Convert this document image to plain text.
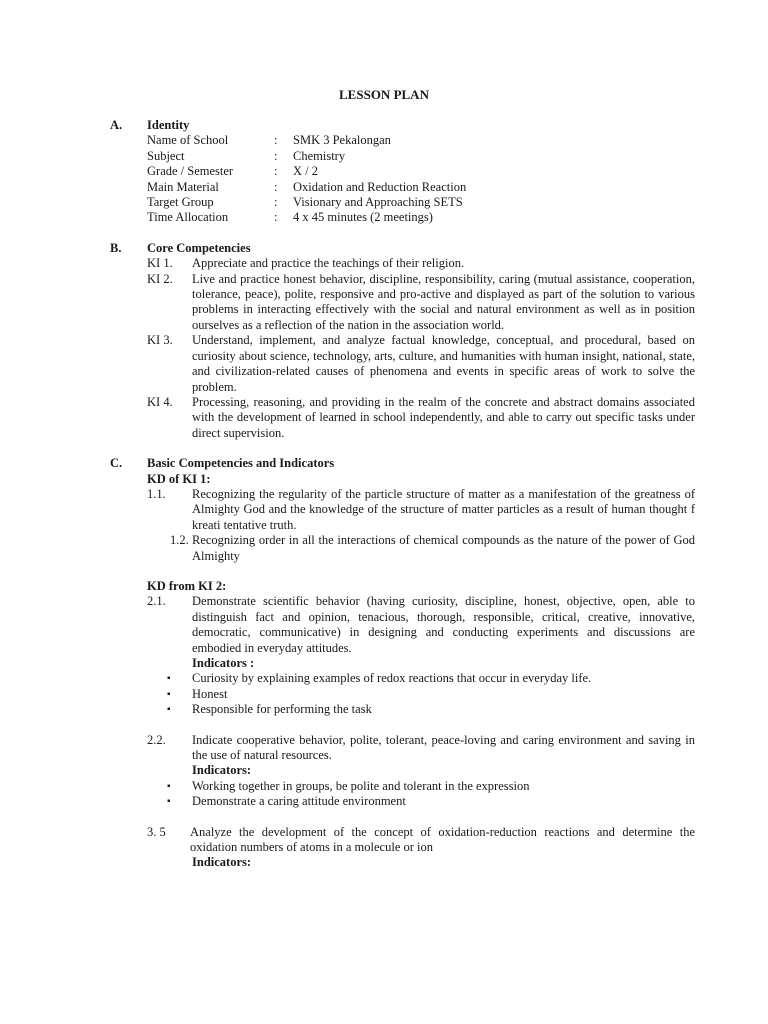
LESSON PLAN
A.	Identity
Name of School	:	SMK 3 Pekalongan
Subject	:	Chemistry
Grade / Semester	:	X / 2
Main Material	:	Oxidation and Reduction Reaction
Target Group	:	Visionary and Approaching SETS
Time Allocation	:	4 x 45 minutes (2 meetings)
B.	Core Competencies
KI 1. Appreciate and practice the teachings of their religion.
KI 2. Live and practice honest behavior, discipline, responsibility, caring (mutual assistance, cooperation, tolerance, peace), polite, responsive and pro-active and displayed as part of the solution to various problems in interacting effectively with the social and natural environment as well as in position ourselves as a reflection of the nation in the association world.
KI 3. Understand, implement, and analyze factual knowledge, conceptual, and procedural, based on curiosity about science, technology, arts, culture, and humanities with human insight, national, state, and civilization-related causes of phenomena and events in specific areas of work to solve the problem.
KI 4. Processing, reasoning, and providing in the realm of the concrete and abstract domains associated with the development of learned in school independently, and able to carry out specific tasks under direct supervision.
C.	Basic Competencies and Indicators
KD of KI 1:
1.1. Recognizing the regularity of the particle structure of matter as a manifestation of the greatness of Almighty God and the knowledge of the structure of matter particles as a result of human thought f kreati tentative truth.
1.2. Recognizing order in all the interactions of chemical compounds as the nature of the power of God Almighty
KD from KI 2:
2.1. Demonstrate scientific behavior (having curiosity, discipline, honest, objective, open, able to distinguish fact and opinion, tenacious, thorough, responsible, critical, creative, innovative, democratic, communicative) in designing and conducting experiments and discussions are embodied in everyday attitudes.
Indicators :
▪ Curiosity by explaining examples of redox reactions that occur in everyday life.
▪ Honest
▪ Responsible for performing the task
2.2. Indicate cooperative behavior, polite, tolerant, peace-loving and caring environment and saving in the use of natural resources.
Indicators:
▪ Working together in groups, be polite and tolerant in the expression
▪ Demonstrate a caring attitude environment
3. 5 Analyze the development of the concept of oxidation-reduction reactions and determine the oxidation numbers of atoms in a molecule or ion
Indicators:
